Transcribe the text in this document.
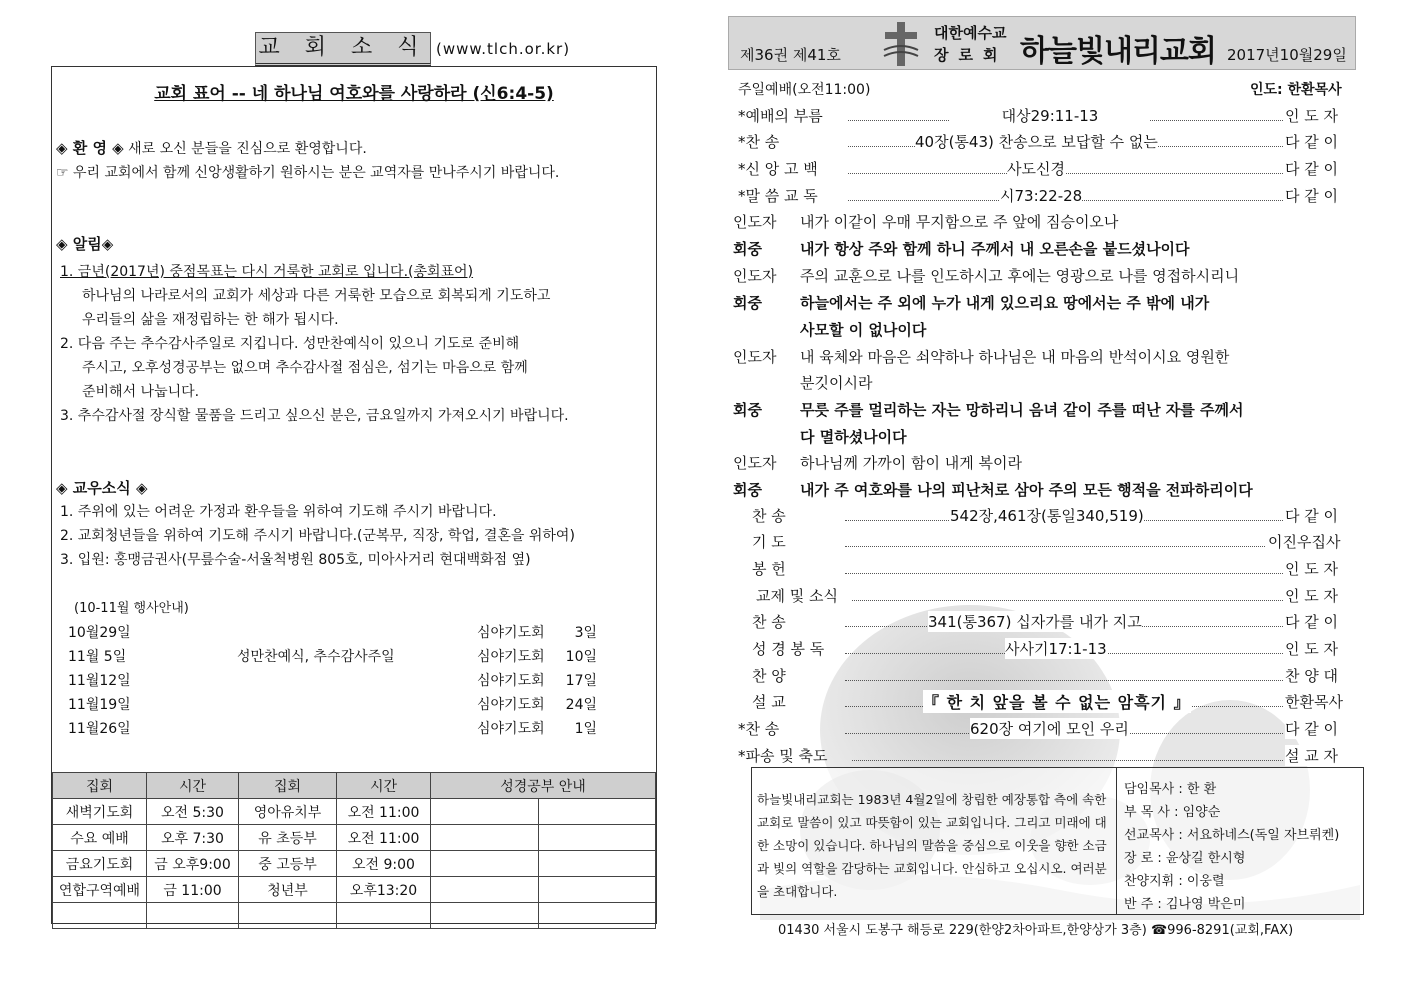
교 회 소 식 (www.tlch.or.kr)
교회 표어 -- 네 하나님 여호와를 사랑하라 (신6:4-5)
◈ 환 영 ◈ 새로 오신 분들을 진심으로 환영합니다.
☞ 우리 교회에서 함께 신앙생활하기 원하시는 분은 교역자를 만나주시기 바랍니다.
◈ 알림◈
1. 금년(2017년) 중점목표는 다시 거룩한 교회로 입니다.(총회표어)
하나님의 나라로서의 교회가 세상과 다른 거룩한 모습으로 회복되게 기도하고
우리들의 삶을 재정립하는 한 해가 됩시다.
2. 다음 주는 추수감사주일로 지킵니다. 성만찬예식이 있으니 기도로 준비해
주시고, 오후성경공부는 없으며 추수감사절 점심은, 섬기는 마음으로 함께
준비해서 나눕니다.
3. 추수감사절 장식할 물품을 드리고 싶으신 분은, 금요일까지 가져오시기 바랍니다.
◈ 교우소식 ◈
1. 주위에 있는 어려운 가정과 환우들을 위하여 기도해 주시기 바랍니다.
2. 교회청년들을 위하여 기도해 주시기 바랍니다.(군복무, 직장, 학업, 결혼을 위하여)
3. 입원: 홍맹금권사(무릎수술-서울척병원 805호, 미아사거리 현대백화점 옆)
(10-11월 행사안내)
10월29일	심야기도회	3일
11월 5일	성만찬예식, 추수감사주일	심야기도회	10일
11월12일	심야기도회	17일
11월19일	심야기도회	24일
11월26일	심야기도회	1일
집회	시간	집회	시간	성경공부 안내	
새벽기도회	오전 5:30	영아유치부	오전 11:00		
수요 예배	오후 7:30	유 초등부	오전 11:00		
금요기도회	금 오후9:00	중 고등부	오전 9:00		
연합구역예배	금 11:00	청년부	오후13:20		

제36권 제41호
대한예수교
장로회 하늘빛내리교회 2017년10월29일
주일예배(오전11:00)	인도: 한환목사
*예배의 부름	대상29:11-13	인 도 자
*찬 송	40장(통43) 찬송으로 보답할 수 없는	다 같 이
*신 앙 고 백	사도신경	다 같 이
*말 씀 교 독	시73:22-28	다 같 이
인도자 내가 이같이 우매 무지함으로 주 앞에 짐승이오나
회중	내가 항상 주와 함께 하니 주께서 내 오른손을 붙드셨나이다
인도자 주의 교훈으로 나를 인도하시고 후에는 영광으로 나를 영접하시리니
회중	하늘에서는 주 외에 누가 내게 있으리요 땅에서는 주 밖에 내가
사모할 이 없나이다
인도자 내 육체와 마음은 쇠약하나 하나님은 내 마음의 반석이시요 영원한
분깃이시라
회중	무릇 주를 멀리하는 자는 망하리니 음녀 같이 주를 떠난 자를 주께서
다 멸하셨나이다
인도자 하나님께 가까이 함이 내게 복이라
회중	내가 주 여호와를 나의 피난처로 삼아 주의 모든 행적을 전파하리이다
찬 송	542장,461장(통일340,519)	다 같 이
기 도	이진우집사
봉 헌	인 도 자
교제 및 소식	인 도 자
찬 송	341(통367) 십자가를 내가 지고	다 같 이
성 경 봉 독	사사기17:1-13	인 도 자
찬 양	찬 양 대
설 교	『 한 치 앞을 볼 수 없는 암흑기 』	한환목사
*찬 송	620장 여기에 모인 우리	다 같 이
*파송 및 축도	설 교 자
하늘빛내리교회는 1983년 4월2일에 창립한 예장통합 측에 속한 교회로 말씀이 있고 따뜻함이 있는 교회입니다. 그리고 미래에 대한 소망이 있습니다. 하나님의 말씀을 중심으로 이웃을 향한 소금과 빛의 역할을 감당하는 교회입니다. 안심하고 오십시오. 여러분을 초대합니다.
담임목사 : 한 환
부 목 사 : 임양순
선교목사 : 서요하네스(독일 자브뤼켄)
장 로 : 윤상길 한시형
찬양지휘 : 이웅렬
반 주 : 김나영 박은미
01430 서울시 도봉구 해등로 229(한양2차아파트,한양상가 3층) ☎996-8291(교회,FAX)
